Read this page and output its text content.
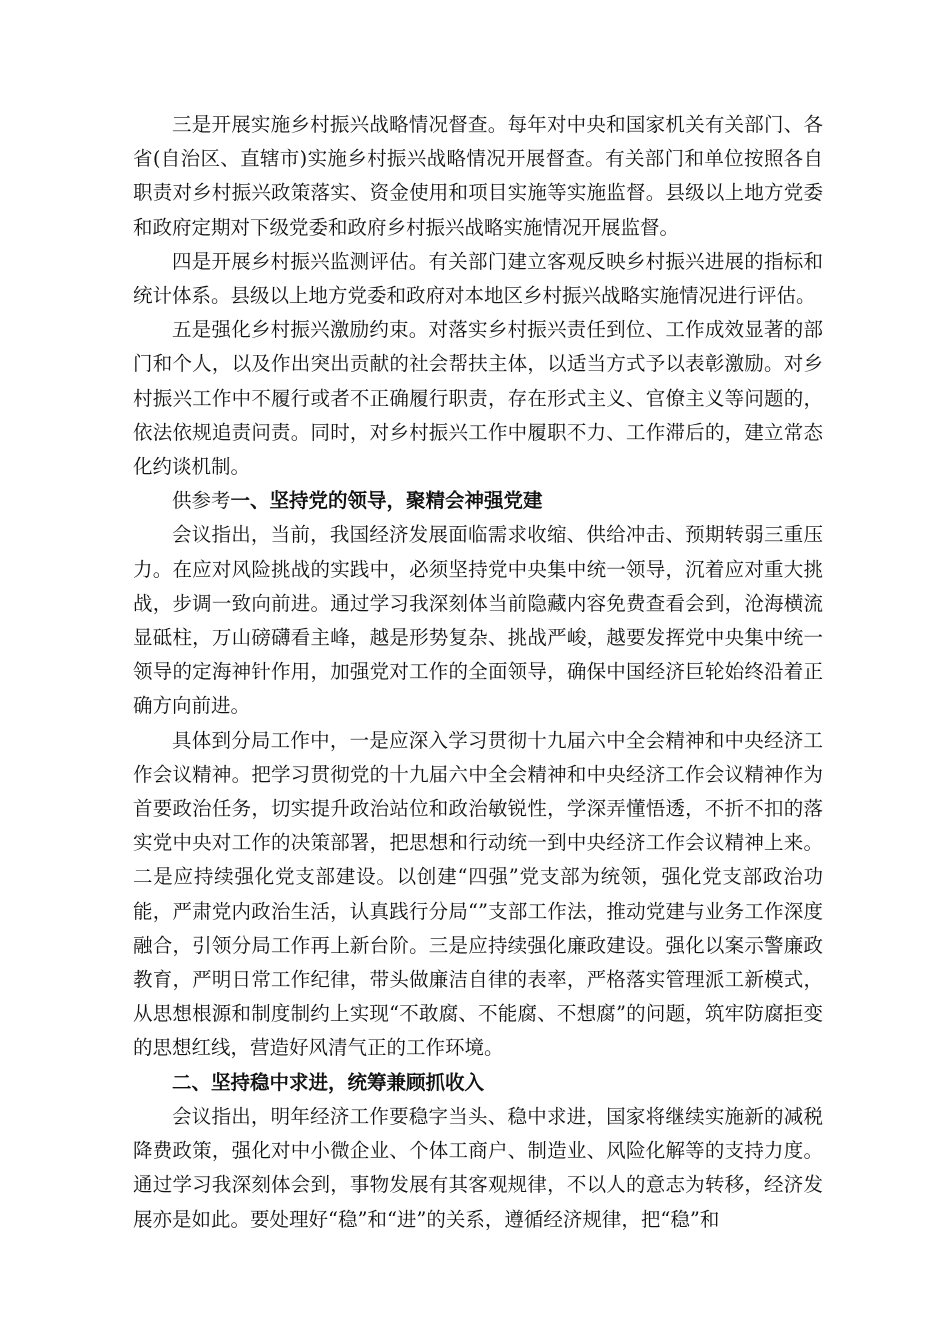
三是开展实施乡村振兴战略情况督查。每年对中央和国家机关有关部门、各省(自治区、直辖市)实施乡村振兴战略情况开展督查。有关部门和单位按照各自职责对乡村振兴政策落实、资金使用和项目实施等实施监督。县级以上地方党委和政府定期对下级党委和政府乡村振兴战略实施情况开展监督。

四是开展乡村振兴监测评估。有关部门建立客观反映乡村振兴进展的指标和统计体系。县级以上地方党委和政府对本地区乡村振兴战略实施情况进行评估。

五是强化乡村振兴激励约束。对落实乡村振兴责任到位、工作成效显著的部门和个人，以及作出突出贡献的社会帮扶主体，以适当方式予以表彰激励。对乡村振兴工作中不履行或者不正确履行职责，存在形式主义、官僚主义等问题的，依法依规追责问责。同时，对乡村振兴工作中履职不力、工作滞后的，建立常态化约谈机制。

供参考一、坚持党的领导，聚精会神强党建

会议指出，当前，我国经济发展面临需求收缩、供给冲击、预期转弱三重压力。在应对风险挑战的实践中，必须坚持党中央集中统一领导，沉着应对重大挑战，步调一致向前进。通过学习我深刻体当前隐藏内容免费查看会到，沧海横流显砥柱，万山磅礴看主峰，越是形势复杂、挑战严峻，越要发挥党中央集中统一领导的定海神针作用，加强党对工作的全面领导，确保中国经济巨轮始终沿着正确方向前进。

具体到分局工作中，一是应深入学习贯彻十九届六中全会精神和中央经济工作会议精神。把学习贯彻党的十九届六中全会精神和中央经济工作会议精神作为首要政治任务，切实提升政治站位和政治敏锐性，学深弄懂悟透，不折不扣的落实党中央对工作的决策部署，把思想和行动统一到中央经济工作会议精神上来。二是应持续强化党支部建设。以创建“四强”党支部为统领，强化党支部政治功能，严肃党内政治生活，认真践行分局“”支部工作法，推动党建与业务工作深度融合，引领分局工作再上新台阶。三是应持续强化廉政建设。强化以案示警廉政教育，严明日常工作纪律，带头做廉洁自律的表率，严格落实管理派工新模式，从思想根源和制度制约上实现“不敢腐、不能腐、不想腐”的问题，筑牢防腐拒变的思想红线，营造好风清气正的工作环境。

二、坚持稳中求进，统筹兼顾抓收入

会议指出，明年经济工作要稳字当头、稳中求进，国家将继续实施新的减税降费政策，强化对中小微企业、个体工商户、制造业、风险化解等的支持力度。通过学习我深刻体会到，事物发展有其客观规律，不以人的意志为转移，经济发展亦是如此。要处理好“稳”和“进”的关系，遵循经济规律，把“稳”和
